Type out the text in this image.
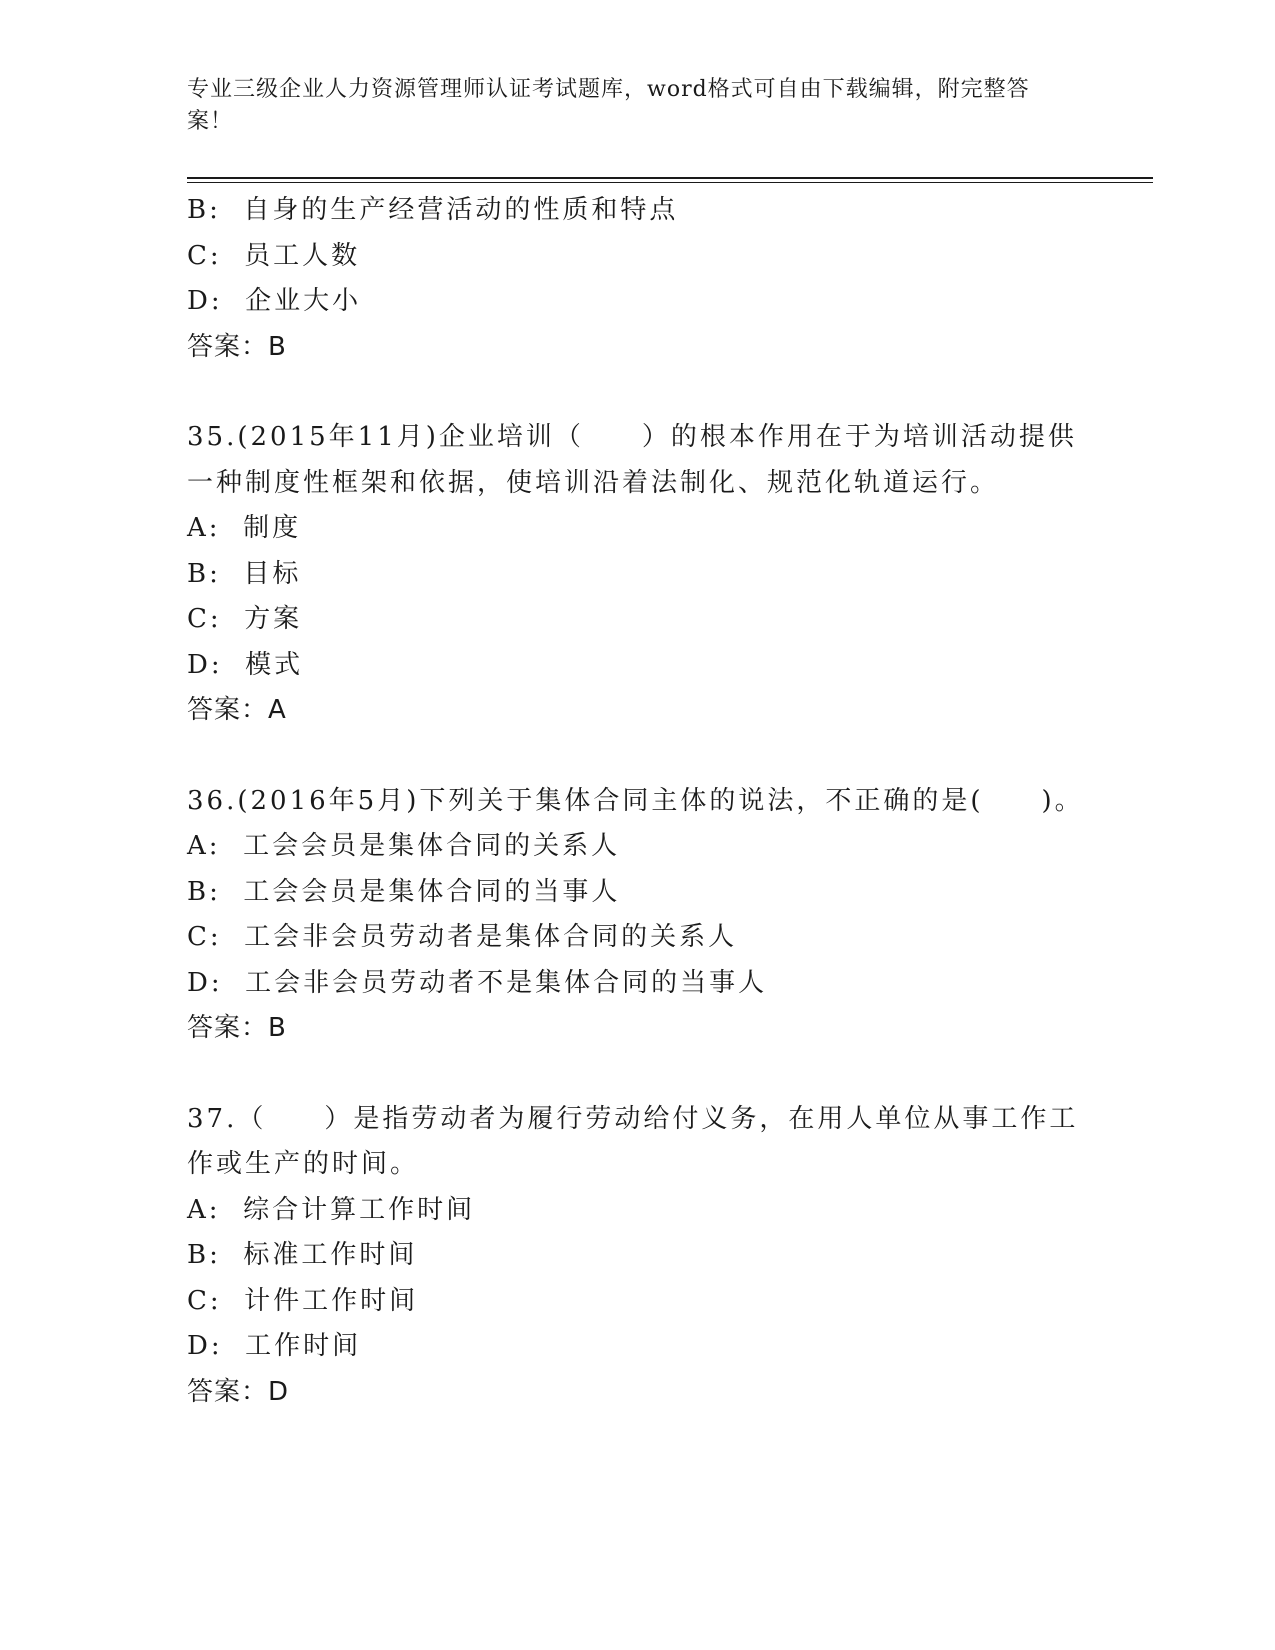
专业三级企业人力资源管理师认证考试题库，word格式可自由下载编辑，附完整答案！
B:  自身的生产经营活动的性质和特点
C:  员工人数
D:  企业大小
答案：B
35.(2015年11月)企业培训（　　）的根本作用在于为培训活动提供一种制度性框架和依据，使培训沿着法制化、规范化轨道运行。
A:  制度
B:  目标
C:  方案
D:  模式
答案：A
36.(2016年5月)下列关于集体合同主体的说法，不正确的是(　　)。
A:  工会会员是集体合同的关系人
B:  工会会员是集体合同的当事人
C:  工会非会员劳动者是集体合同的关系人
D:  工会非会员劳动者不是集体合同的当事人
答案：B
37.（　　）是指劳动者为履行劳动给付义务，在用人单位从事工作工作或生产的时间。
A:  综合计算工作时间
B:  标准工作时间
C:  计件工作时间
D:  工作时间
答案：D
